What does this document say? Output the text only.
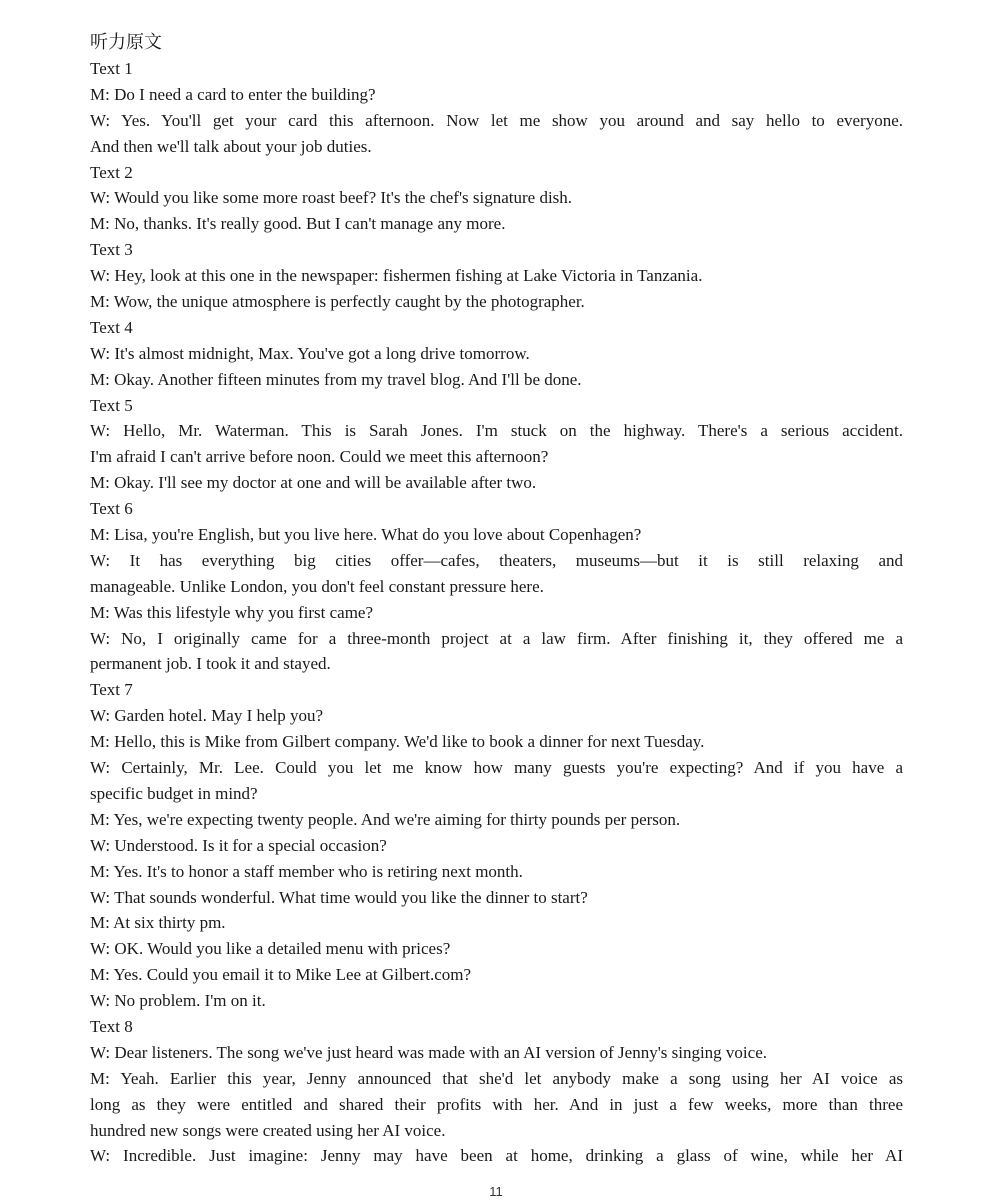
听力原文
Text 1
M: Do I need a card to enter the building?
W: Yes. You'll get your card this afternoon. Now let me show you around and say hello to everyone.
And then we'll talk about your job duties.
Text 2
W: Would you like some more roast beef? It's the chef's signature dish.
M: No, thanks. It's really good. But I can't manage any more.
Text 3
W: Hey, look at this one in the newspaper: fishermen fishing at Lake Victoria in Tanzania.
M: Wow, the unique atmosphere is perfectly caught by the photographer.
Text 4
W: It's almost midnight, Max. You've got a long drive tomorrow.
M: Okay. Another fifteen minutes from my travel blog. And I'll be done.
Text 5
W: Hello, Mr. Waterman. This is Sarah Jones. I'm stuck on the highway. There's a serious accident.
I'm afraid I can't arrive before noon. Could we meet this afternoon?
M: Okay. I'll see my doctor at one and will be available after two.
Text 6
M: Lisa, you're English, but you live here. What do you love about Copenhagen?
W: It has everything big cities offer—cafes, theaters, museums—but it is still relaxing and
manageable. Unlike London, you don't feel constant pressure here.
M: Was this lifestyle why you first came?
W: No, I originally came for a three-month project at a law firm. After finishing it, they offered me a
permanent job. I took it and stayed.
Text 7
W: Garden hotel. May I help you?
M: Hello, this is Mike from Gilbert company. We'd like to book a dinner for next Tuesday.
W: Certainly, Mr. Lee. Could you let me know how many guests you're expecting? And if you have a
specific budget in mind?
M: Yes, we're expecting twenty people. And we're aiming for thirty pounds per person.
W: Understood. Is it for a special occasion?
M: Yes. It's to honor a staff member who is retiring next month.
W: That sounds wonderful. What time would you like the dinner to start?
M: At six thirty pm.
W: OK. Would you like a detailed menu with prices?
M: Yes. Could you email it to Mike Lee at Gilbert.com?
W: No problem. I'm on it.
Text 8
W: Dear listeners. The song we've just heard was made with an AI version of Jenny's singing voice.
M: Yeah. Earlier this year, Jenny announced that she'd let anybody make a song using her AI voice as
long as they were entitled and shared their profits with her. And in just a few weeks, more than three
hundred new songs were created using her AI voice.
W: Incredible. Just imagine: Jenny may have been at home, drinking a glass of wine, while her AI
11
